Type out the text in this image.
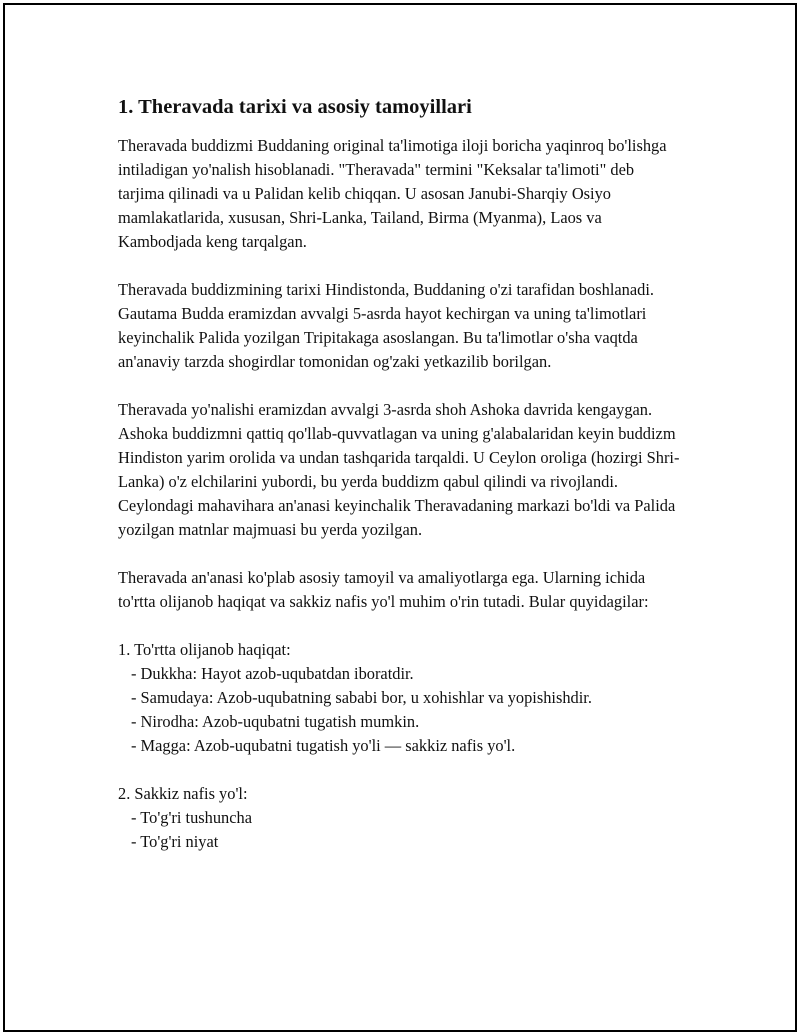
1. Theravada tarixi va asosiy tamoyillari

Theravada buddizmi Buddaning original ta'limotiga iloji boricha yaqinroq bo'lishga intiladigan yo'nalish hisoblanadi. "Theravada" termini "Keksalar ta'limoti" deb tarjima qilinadi va u Palidan kelib chiqqan. U asosan Janubi-Sharqiy Osiyo mamlakatlarida, xususan, Shri-Lanka, Tailand, Birma (Myanma), Laos va Kambodjada keng tarqalgan.

Theravada buddizmining tarixi Hindistonda, Buddaning o'zi tarafidan boshlanadi. Gautama Budda eramizdan avvalgi 5-asrda hayot kechirgan va uning ta'limotlari keyinchalik Palida yozilgan Tripitakaga asoslangan. Bu ta'limotlar o'sha vaqtda an'anaviy tarzda shogirdlar tomonidan og'zaki yetkazilib borilgan.

Theravada yo'nalishi eramizdan avvalgi 3-asrda shoh Ashoka davrida kengaygan. Ashoka buddizmni qattiq qo'llab-quvvatlagan va uning g'alabalaridan keyin buddizm Hindiston yarim orolida va undan tashqarida tarqaldi. U Ceylon oroliga (hozirgi Shri-Lanka) o'z elchilarini yubordi, bu yerda buddizm qabul qilindi va rivojlandi. Ceylondagi mahavihara an'anasi keyinchalik Theravadaning markazi bo'ldi va Palida yozilgan matnlar majmuasi bu yerda yozilgan.

Theravada an'anasi ko'plab asosiy tamoyil va amaliyotlarga ega. Ularning ichida to'rtta olijanob haqiqat va sakkiz nafis yo'l muhim o'rin tutadi. Bular quyidagilar:

1. To'rtta olijanob haqiqat:
- Dukkha: Hayot azob-uqubatdan iboratdir.
- Samudaya: Azob-uqubatning sababi bor, u xohishlar va yopishishdir.
- Nirodha: Azob-uqubatni tugatish mumkin.
- Magga: Azob-uqubatni tugatish yo'li — sakkiz nafis yo'l.
2. Sakkiz nafis yo'l:
- To'g'ri tushuncha
- To'g'ri niyat
